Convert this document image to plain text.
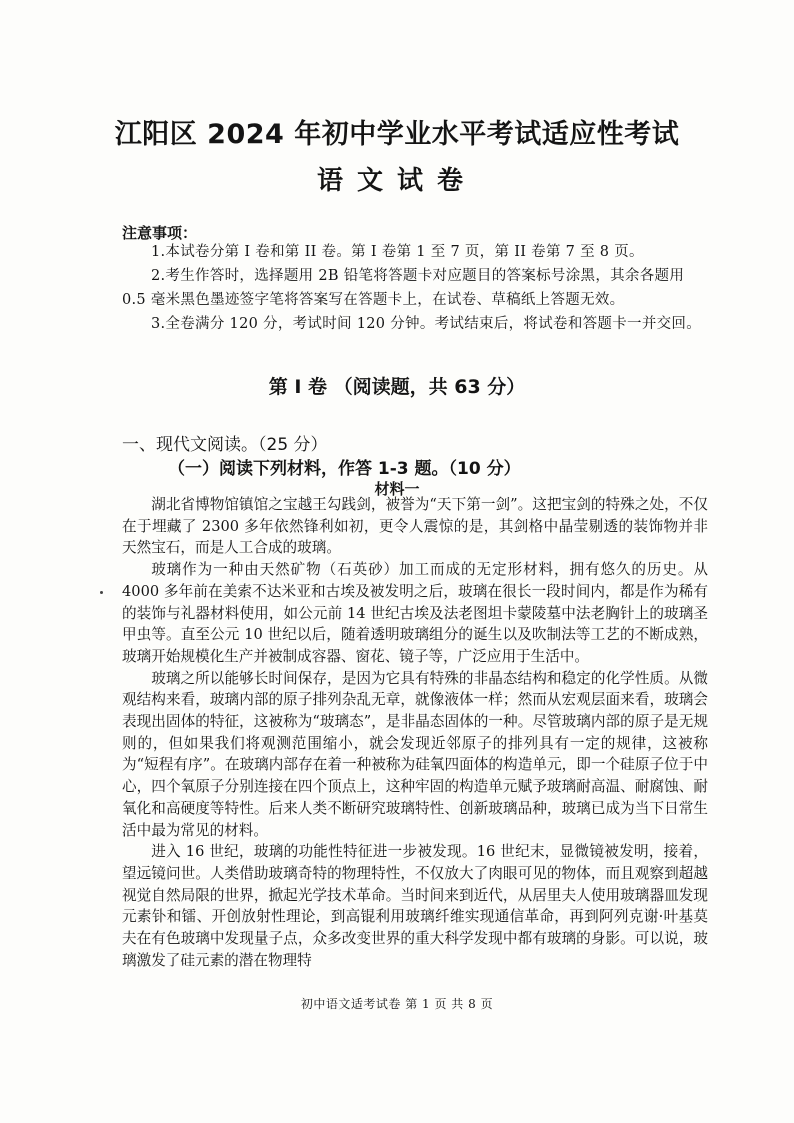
江阳区 2024 年初中学业水平考试适应性考试
语文试卷
注意事项：
1.本试卷分第 I 卷和第 II 卷。第 I 卷第 1 至 7 页，第 II 卷第 7 至 8 页。
2.考生作答时，选择题用 2B 铅笔将答题卡对应题目的答案标号涂黑，其余各题用 0.5 毫米黑色墨迹签字笔将答案写在答题卡上，在试卷、草稿纸上答题无效。
3.全卷满分 120 分，考试时间 120 分钟。考试结束后，将试卷和答题卡一并交回。
第 I 卷 （阅读题，共 63 分）
一、现代文阅读。（25 分）
（一）阅读下列材料，作答 1-3 题。（10 分）
材料一

湖北省博物馆镇馆之宝越王勾践剑，被誉为“天下第一剑”。这把宝剑的特殊之处，不仅在于埋藏了 2300 多年依然锋利如初，更令人震惊的是，其剑格中晶莹剔透的装饰物并非天然宝石，而是人工合成的玻璃。

玻璃作为一种由天然矿物（石英砂）加工而成的无定形材料，拥有悠久的历史。从 4000 多年前在美索不达米亚和古埃及被发明之后，玻璃在很长一段时间内，都是作为稀有的装饰与礼器材料使用，如公元前 14 世纪古埃及法老图坦卡蒙陵墓中法老胸针上的玻璃圣甲虫等。直至公元 10 世纪以后，随着透明玻璃组分的诞生以及吹制法等工艺的不断成熟，玻璃开始规模化生产并被制成容器、窗花、镜子等，广泛应用于生活中。

玻璃之所以能够长时间保存，是因为它具有特殊的非晶态结构和稳定的化学性质。从微观结构来看，玻璃内部的原子排列杂乱无章，就像液体一样；然而从宏观层面来看，玻璃会表现出固体的特征，这被称为“玻璃态”，是非晶态固体的一种。尽管玻璃内部的原子是无规则的，但如果我们将观测范围缩小，就会发现近邻原子的排列具有一定的规律，这被称为“短程有序”。在玻璃内部存在着一种被称为硅氧四面体的构造单元，即一个硅原子位于中心，四个氧原子分别连接在四个顶点上，这种牢固的构造单元赋予玻璃耐高温、耐腐蚀、耐氧化和高硬度等特性。后来人类不断研究玻璃特性、创新玻璃品种，玻璃已成为当下日常生活中最为常见的材料。

进入 16 世纪，玻璃的功能性特征进一步被发现。16 世纪末，显微镜被发明，接着，望远镜问世。人类借助玻璃奇特的物理特性，不仅放大了肉眼可见的物体，而且观察到超越视觉自然局限的世界，掀起光学技术革命。当时间来到近代，从居里夫人使用玻璃器皿发现元素钋和镭、开创放射性理论，到高锟利用玻璃纤维实现通信革命，再到阿列克谢·叶基莫夫在有色玻璃中发现量子点，众多改变世界的重大科学发现中都有玻璃的身影。可以说，玻璃激发了硅元素的潜在物理特

初中语文适考试卷 第 1 页 共 8 页
